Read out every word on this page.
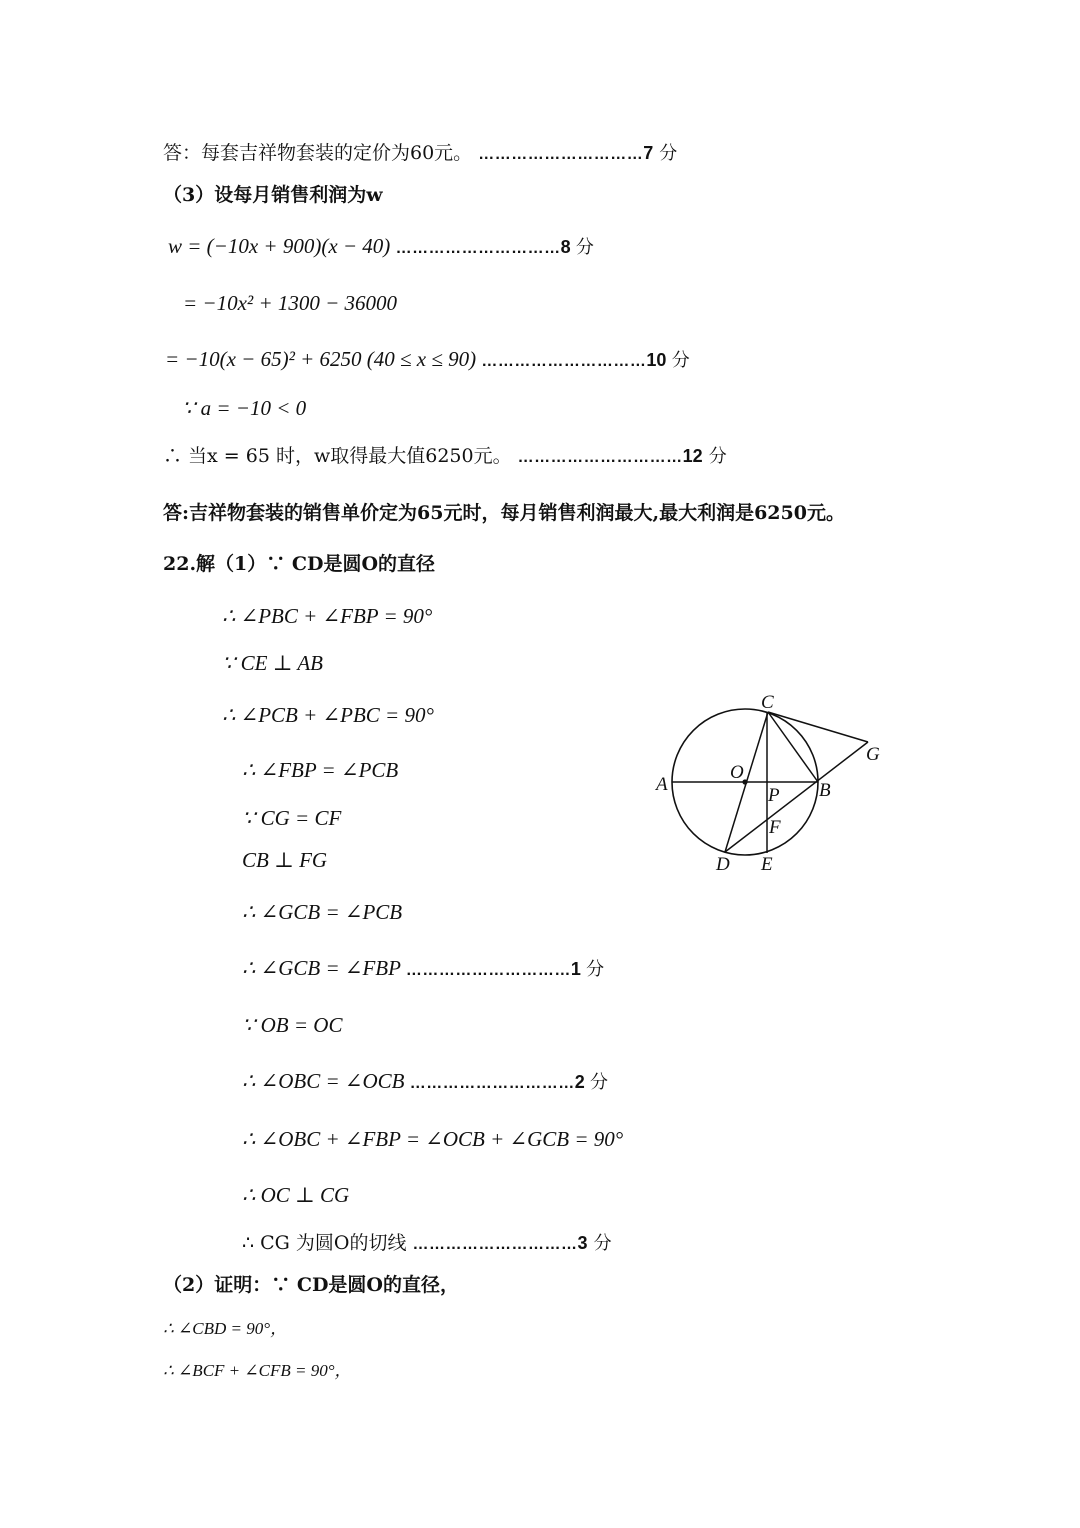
答：每套吉祥物套装的定价为60元。 …………………………7 分
（3）设每月销售利润为w
w = (−10x + 900)(x − 40) …………………………8 分
= −10x² + 1300 − 36000
= −10(x − 65)² + 6250 (40 ≤ x ≤ 90) …………………………10 分
∵ a = −10 < 0
∴ 当x = 65 时，w取得最大值6250元。 …………………………12 分
答:吉祥物套装的销售单价定为65元时，每月销售利润最大,最大利润是6250元。
22.解（1）∵ CD是圆O的直径
∴ ∠PBC + ∠FBP = 90°
∵ CE ⊥ AB
∴ ∠PCB + ∠PBC = 90°
∴ ∠FBP = ∠PCB
∵ CG = CF
CB ⊥ FG
∴ ∠GCB = ∠PCB
∴ ∠GCB = ∠FBP …………………………1 分
∵ OB = OC
∴ ∠OBC = ∠OCB …………………………2 分
∴ ∠OBC + ∠FBP = ∠OCB + ∠GCB = 90°
∴ OC ⊥ CG
∴ CG 为圆O的切线 …………………………3 分
（2）证明：∵ CD是圆O的直径，
∴ ∠CBD = 90°，
∴ ∠BCF + ∠CFB = 90°，
C
G
O
A	B
P
F
D E
